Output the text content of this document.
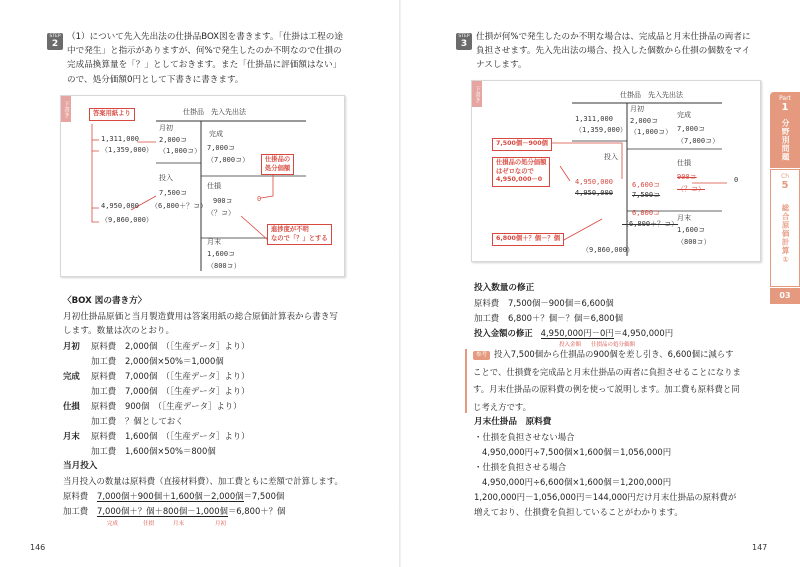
STEP
2
（1）について先入先出法の仕掛品BOX図を書きます。「仕掛は工程の途
中で発生」と指示がありますが、何%で発生したのか不明なので仕損の
完成品換算量を「？」としておきます。また「仕掛品に評価額はない」
ので、処分価額0円として下書きに書きます。
下書き	仕掛品　先入先出法
答案用紙より
1,311,000
（1,359,000）
4,950,000
（9,860,000）
月初
2,000コ
（1,000コ）
投入
7,500コ
（6,800＋？コ）
完成
7,000コ
（7,000コ）
仕損
900コ
（？コ）
0
月末
1,600コ
（800コ）
仕掛品の
処分価額
進捗度が不明
なので「？」とする
〈BOX 図の書き方〉
月初仕掛品原価と当月製造費用は答案用紙の総合原価計算表から書き写
します。数量は次のとおり。
月初 原料費 2,000個　（［生産データ］より）
加工費 2,000個×50%＝1,000個
完成 原料費 7,000個　（［生産データ］より）
加工費 7,000個　（［生産データ］より）
仕損 原料費 900個　（［生産データ］より）
加工費 ？個としておく
月末 原料費 1,600個　（［生産データ］より）
加工費 1,600個×50%＝800個
当月投入
当月投入の数量は原料費（直接材料費）、加工費ともに差額で計算します。
原料費 7,000個＋900個＋1,600個－2,000個＝7,500個
加工費 7,000個＋？個＋800個－1,000個＝6,800＋？個
完成	仕損	月末	月初
146
STEP
3
仕損が何%で発生したのか不明な場合は、完成品と月末仕掛品の両者に
負担させます。先入先出法の場合、投入した個数から仕損の個数をマイ
ナスします。
下書き	仕掛品　先入先出法
1,311,000
（1,359,000）
月初
2,000コ
（1,000コ）
完成
7,000コ
（7,000コ）
7,500個－900個
仕損品の処分価額
はゼロなので
4,950,000－0
6,800個＋？個－？個
4,950,000
4,950,000
投入
6,600コ
7,500コ
6,800コ
（6,800＋？コ）
仕損
900コ
（？コ）
0
月末
1,600コ
（800コ）
（9,860,000）
投入数量の修正
原料費 7,500個－900個＝6,600個
加工費 6,800＋？個－？個＝6,800個
投入金額の修正 4,950,000円－0円＝4,950,000円
投入金額 仕損品の処分価額
参考 投入7,500個から仕損品の900個を差し引き、6,600個に減らす
ことで、仕損費を完成品と月末仕掛品の両者に負担させることになりま
す。月末仕掛品の原料費の例を使って説明します。加工費も原料費と同
じ考え方です。
月末仕掛品　原料費
・仕損を負担させない場合
4,950,000円÷7,500個×1,600個＝1,056,000円
・仕損を負担させる場合
4,950,000円÷6,600個×1,600個＝1,200,000円
1,200,000円－1,056,000円＝144,000円だけ月末仕掛品の原料費が
増えており、仕損費を負担していることがわかります。
147
Part
1
分野別問題
Ch
5
総合原価計算①
03
